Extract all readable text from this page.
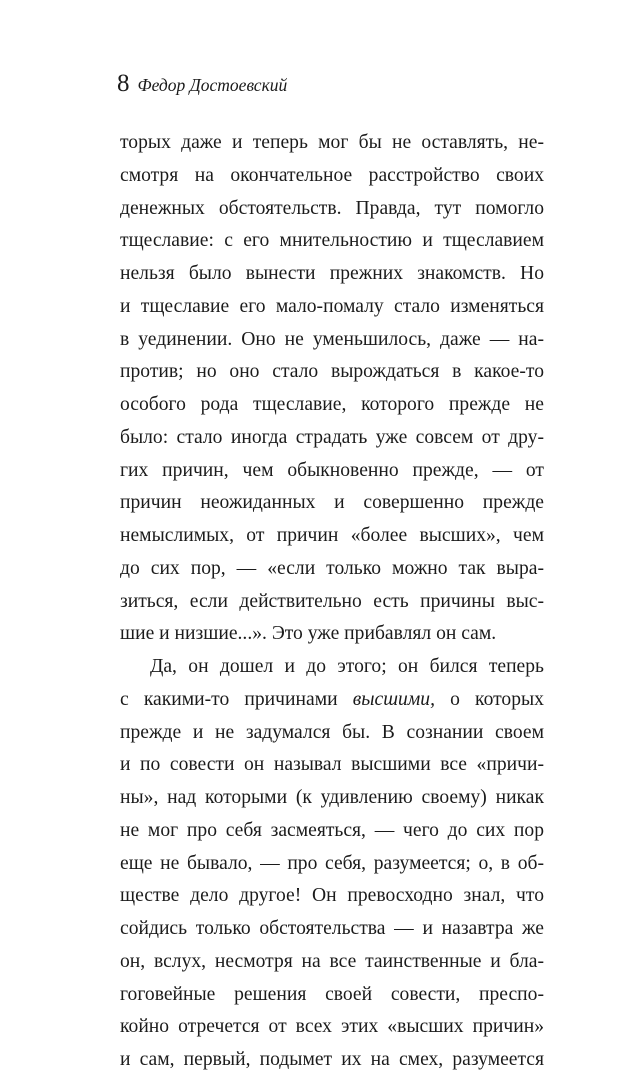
8 Федор Достоевский
торых даже и теперь мог бы не оставлять, не-
смотря на окончательное расстройство своих
денежных обстоятельств. Правда, тут помогло
тщеславие: с его мнительностию и тщеславием
нельзя было вынести прежних знакомств. Но
и тщеславие его мало-помалу стало изменяться
в уединении. Оно не уменьшилось, даже — на-
против; но оно стало вырождаться в какое-то
особого рода тщеславие, которого прежде не
было: стало иногда страдать уже совсем от дру-
гих причин, чем обыкновенно прежде, — от
причин неожиданных и совершенно прежде
немыслимых, от причин «более высших», чем
до сих пор, — «если только можно так выра-
зиться, если действительно есть причины выс-
шие и низшие...». Это уже прибавлял он сам.
Да, он дошел и до этого; он бился теперь
с какими-то причинами высшими, о которых
прежде и не задумался бы. В сознании своем
и по совести он называл высшими все «причи-
ны», над которыми (к удивлению своему) никак
не мог про себя засмеяться, — чего до сих пор
еще не бывало, — про себя, разумеется; о, в об-
ществе дело другое! Он превосходно знал, что
сойдись только обстоятельства — и назавтра же
он, вслух, несмотря на все таинственные и бла-
гоговейные решения своей совести, преспо-
койно отречется от всех этих «высших причин»
и сам, первый, подымет их на смех, разумеется
